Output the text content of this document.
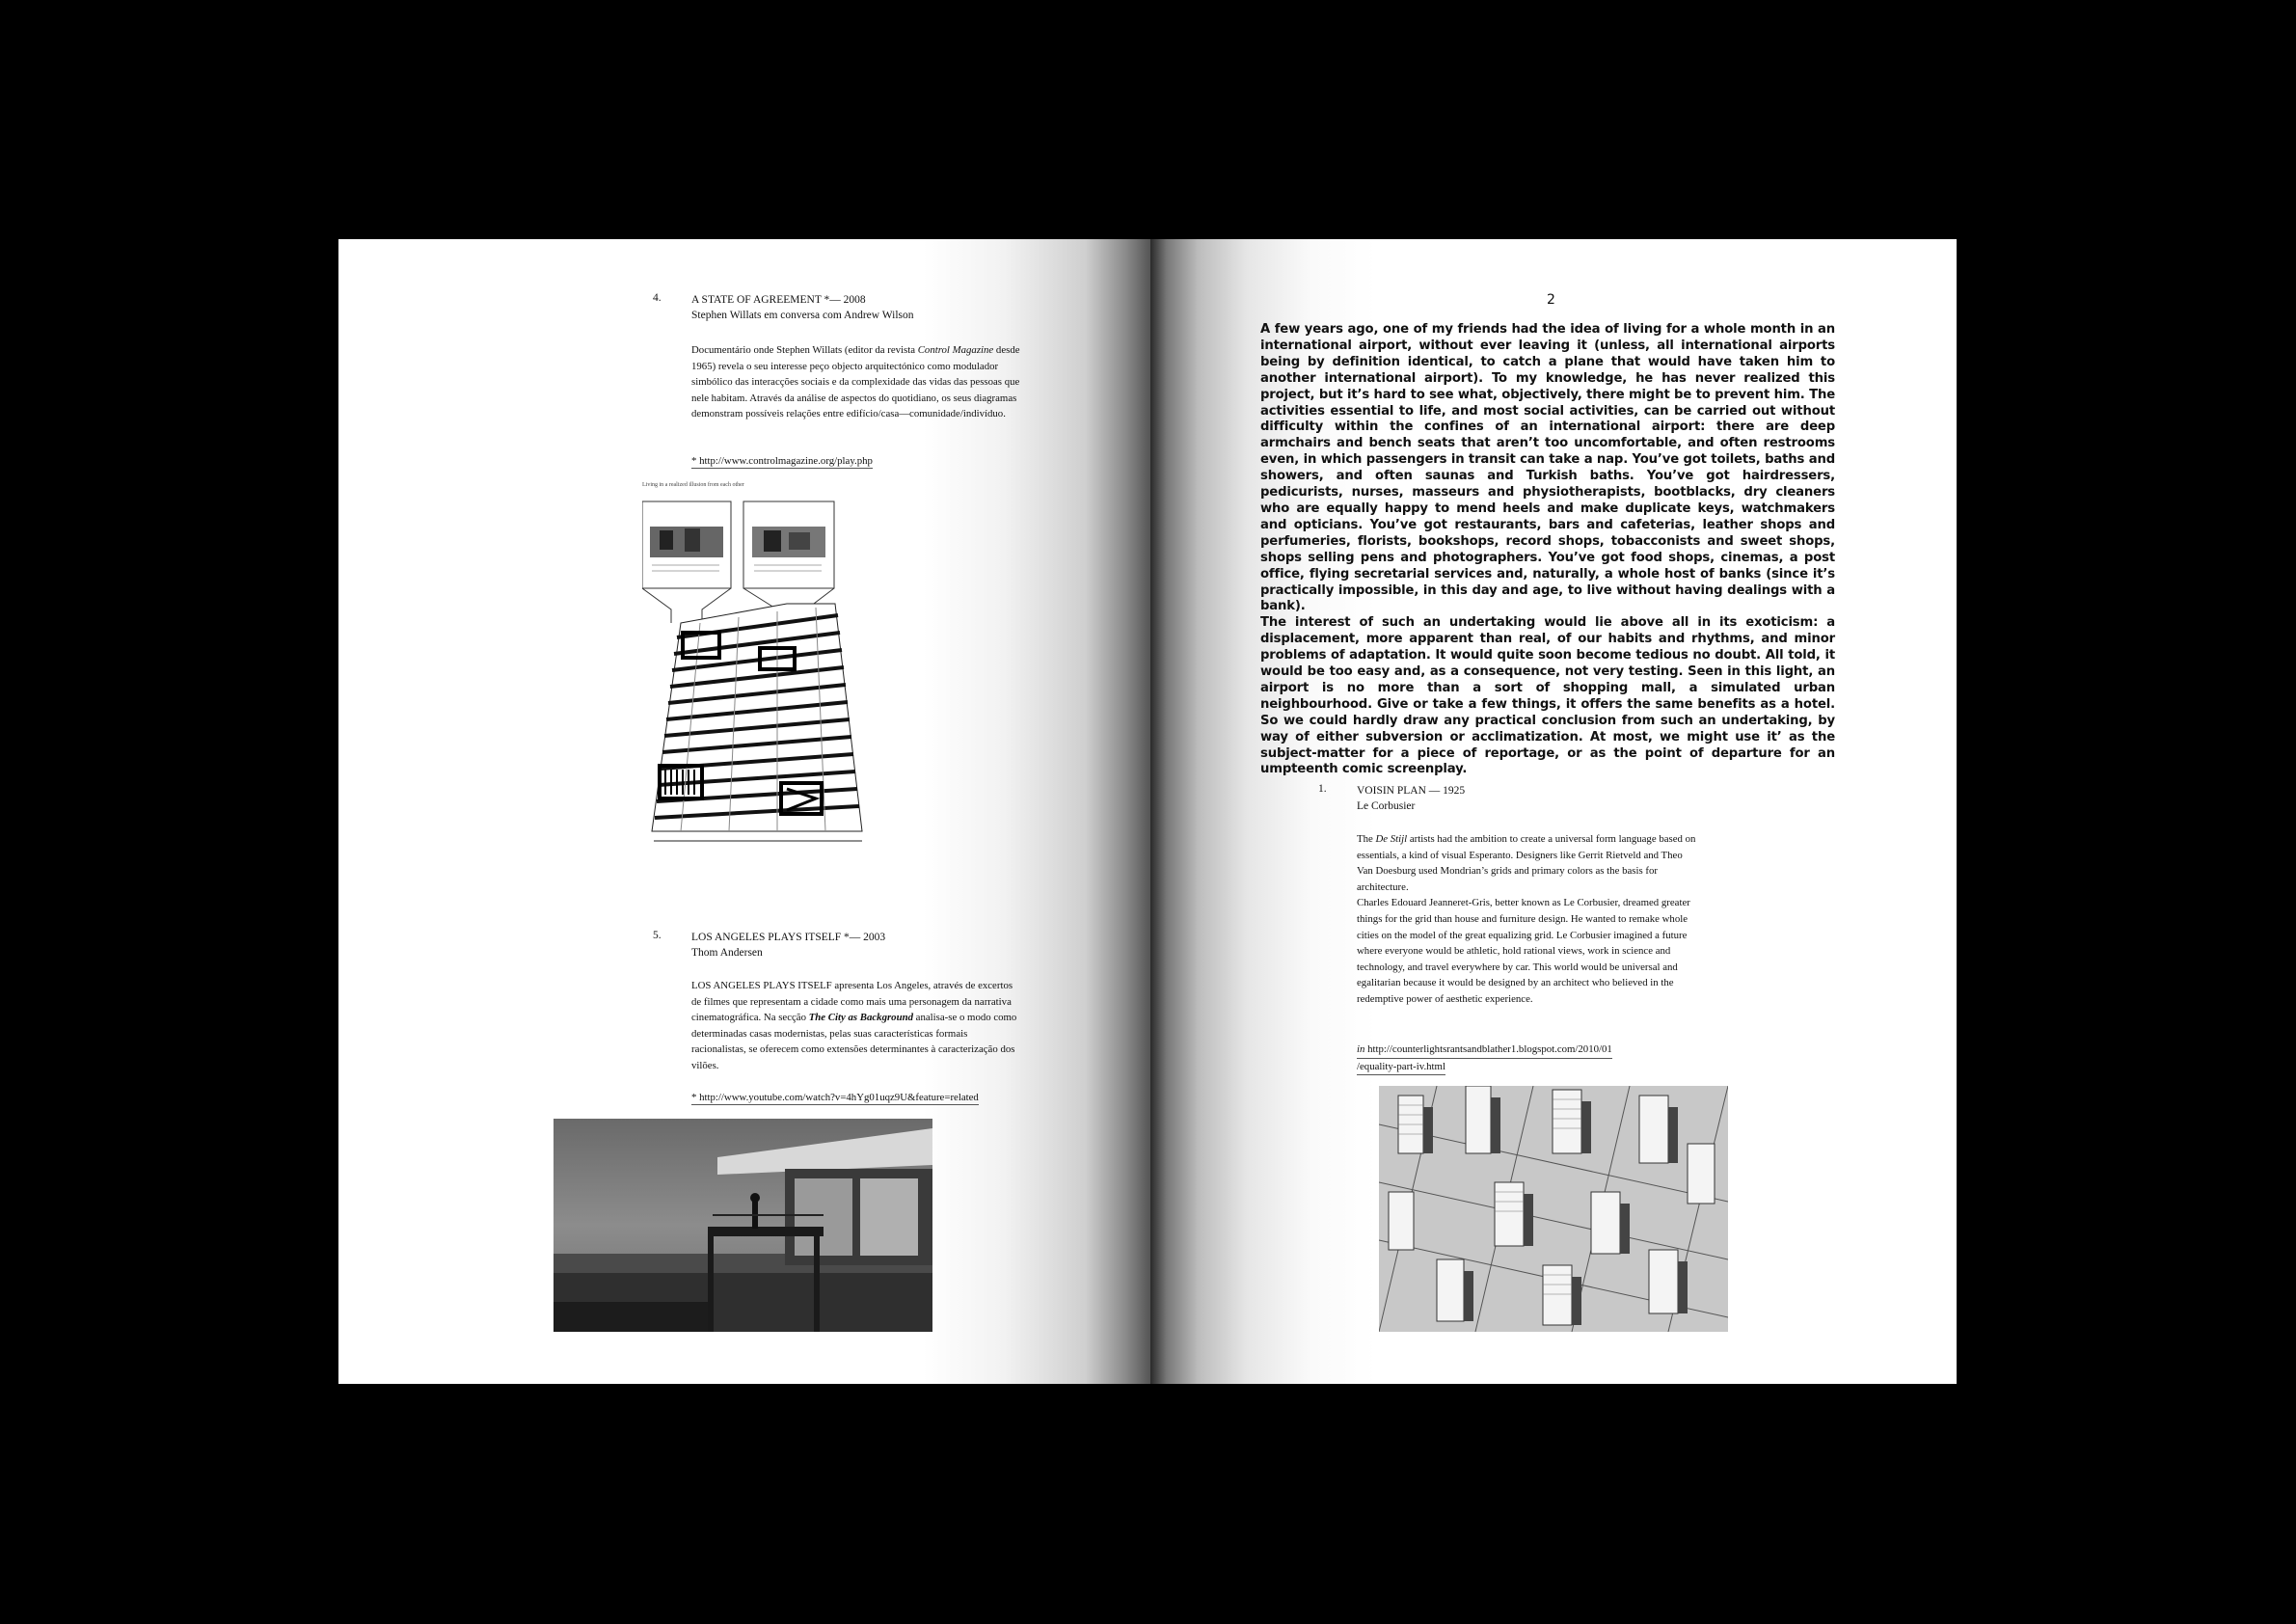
4.	A STATE OF AGREEMENT *— 2008
Stephen Willats em conversa com Andrew Wilson
Documentário onde Stephen Willats (editor da revista Control Magazine desde 1965) revela o seu interesse peço objecto arquitectónico como modulador simbólico das interacções sociais e da complexidade das vidas das pessoas que nele habitam. Através da análise de aspectos do quotidiano, os seus diagramas demonstram possíveis relações entre edifício/casa—comunidade/indivíduo.
* http://www.controlmagazine.org/play.php
Living in a realized illusion from each other
5.	LOS ANGELES PLAYS ITSELF *— 2003
Thom Andersen
LOS ANGELES PLAYS ITSELF apresenta Los Angeles, através de excertos de filmes que representam a cidade como mais uma personagem da narrativa cinematográfica. Na secção The City as Background analisa-se o modo como determinadas casas modernistas, pelas suas características formais racionalistas, se oferecem como extensões determinantes à caracterização dos vilões.
* http://www.youtube.com/watch?v=4hYg01uqz9U&feature=related
2

A few years ago, one of my friends had the idea of living for a whole month in an international airport, without ever leaving it (unless, all international airports being by definition identical, to catch a plane that would have taken him to another international airport). To my knowledge, he has never realized this project, but it’s hard to see what, objectively, there might be to prevent him. The activities essential to life, and most social activities, can be carried out without difficulty within the confines of an international airport: there are deep armchairs and bench seats that aren’t too uncomfortable, and often restrooms even, in which passengers in transit can take a nap. You’ve got toilets, baths and showers, and often saunas and Turkish baths. You’ve got hairdressers, pedicurists, nurses, masseurs and physiotherapists, bootblacks, dry cleaners who are equally happy to mend heels and make duplicate keys, watchmakers and opticians. You’ve got restaurants, bars and cafeterias, leather shops and perfumeries, florists, bookshops, record shops, tobacconists and sweet shops, shops selling pens and photographers. You’ve got food shops, cinemas, a post office, flying secretarial services and, naturally, a whole host of banks (since it’s practically impossible, in this day and age, to live without having dealings with a bank).

The interest of such an undertaking would lie above all in its exoticism: a displacement, more apparent than real, of our habits and rhythms, and minor problems of adaptation. It would quite soon become tedious no doubt. All told, it would be too easy and, as a consequence, not very testing. Seen in this light, an airport is no more than a sort of shopping mall, a simulated urban neighbourhood. Give or take a few things, it offers the same benefits as a hotel. So we could hardly draw any practical conclusion from such an undertaking, by way of either subversion or acclimatization. At most, we might use it’ as the subject-matter for a piece of reportage, or as the point of departure for an umpteenth comic screenplay.

1.	VOISIN PLAN — 1925
Le Corbusier
The De Stijl artists had the ambition to create a universal form language based on essentials, a kind of visual Esperanto. Designers like Gerrit Rietveld and Theo Van Doesburg used Mondrian’s grids and primary colors as the basis for architecture.
Charles Edouard Jeanneret-Gris, better known as Le Corbusier, dreamed greater things for the grid than house and furniture design. He wanted to remake whole cities on the model of the great equalizing grid. Le Corbusier imagined a future where everyone would be athletic, hold rational views, work in science and technology, and travel everywhere by car. This world would be universal and egalitarian because it would be designed by an architect who believed in the redemptive power of aesthetic experience.
in http://counterlightsrantsandblather1.blogspot.com/2010/01
/equality-part-iv.html
